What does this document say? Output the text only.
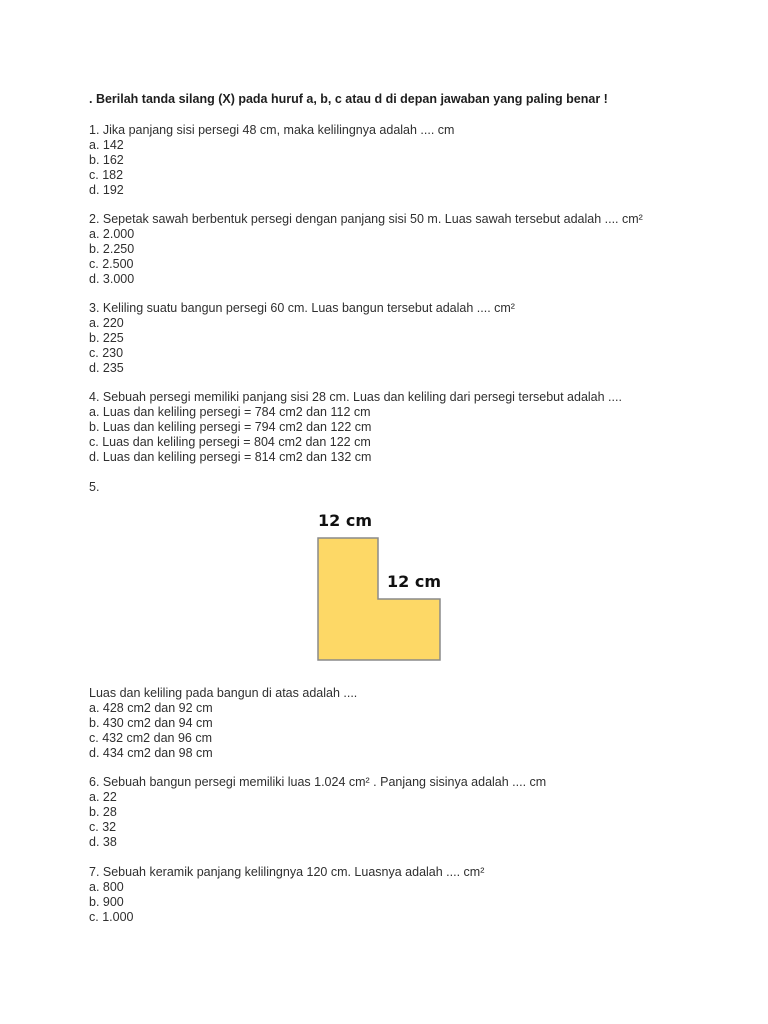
. Berilah tanda silang (X) pada huruf a, b, c atau d di depan jawaban yang paling benar !
1. Jika panjang sisi persegi 48 cm, maka kelilingnya adalah .... cm
a. 142
b. 162
c. 182
d. 192
2. Sepetak sawah berbentuk persegi dengan panjang sisi 50 m. Luas sawah tersebut adalah .... cm²
a. 2.000
b. 2.250
c. 2.500
d. 3.000
3. Keliling suatu bangun persegi 60 cm. Luas bangun tersebut adalah .... cm²
a. 220
b. 225
c. 230
d. 235
4. Sebuah persegi memiliki panjang sisi 28 cm. Luas dan keliling dari persegi tersebut adalah ....
a. Luas dan keliling persegi = 784 cm2 dan 112 cm
b. Luas dan keliling persegi = 794 cm2 dan 122 cm
c. Luas dan keliling persegi = 804 cm2 dan 122 cm
d. Luas dan keliling persegi = 814 cm2 dan 132 cm
5.
12 cm
12 cm
Luas dan keliling pada bangun di atas adalah ....
a. 428 cm2 dan 92 cm
b. 430 cm2 dan 94 cm
c. 432 cm2 dan 96 cm
d. 434 cm2 dan 98 cm
6. Sebuah bangun persegi memiliki luas 1.024 cm² . Panjang sisinya adalah .... cm
a. 22
b. 28
c. 32
d. 38
7. Sebuah keramik panjang kelilingnya 120 cm. Luasnya adalah .... cm²
a. 800
b. 900
c. 1.000
